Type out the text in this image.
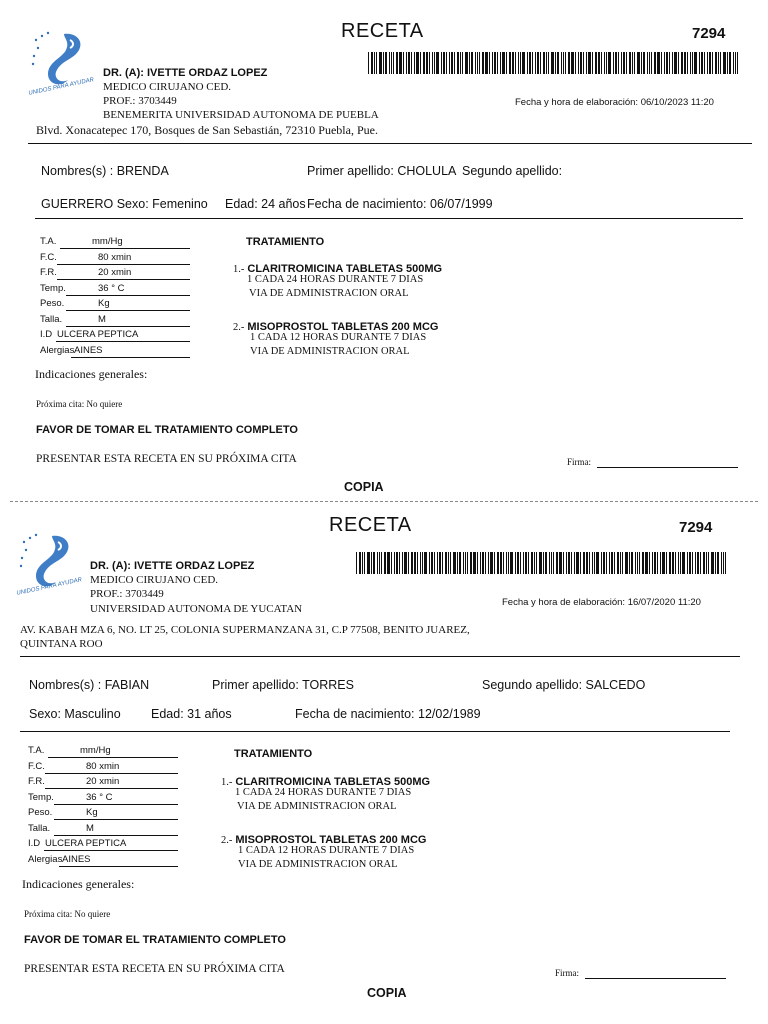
UNIDOS PARA AYUDAR
RECETA	7294
DR. (A): IVETTE ORDAZ LOPEZ
MEDICO CIRUJANO CED.
PROF.: 3703449
BENEMERITA UNIVERSIDAD AUTONOMA DE PUEBLA
Fecha y hora de elaboración: 06/10/2023 11:20
Blvd. Xonacatepec 170, Bosques de San Sebastián, 72310 Puebla, Pue.
Nombres(s) : BRENDA	Primer apellido: CHOLULA Segundo apellido:
GUERRERO Sexo: Femenino Edad: 24 años Fecha de nacimiento: 06/07/1999
T.A.	mm/Hg
F.C.	80 xmin
F.R.	20 xmin
Temp.	36 ° C
Peso.	Kg
Talla.	M
I.D ULCERA PEPTICA
Alergias AINES
TRATAMIENTO
1.- CLARITROMICINA TABLETAS 500MG
1 CADA 24 HORAS DURANTE 7 DIAS
VIA DE ADMINISTRACION ORAL
2.- MISOPROSTOL TABLETAS 200 MCG
1 CADA 12 HORAS DURANTE 7 DIAS
VIA DE ADMINISTRACION ORAL
Indicaciones generales:
Próxima cita: No quiere
FAVOR DE TOMAR EL TRATAMIENTO COMPLETO
PRESENTAR ESTA RECETA EN SU PRÓXIMA CITA	Firma:
COPIA
UNIDOS PARA AYUDAR
RECETA	7294
DR. (A): IVETTE ORDAZ LOPEZ
MEDICO CIRUJANO CED.
PROF.: 3703449
UNIVERSIDAD AUTONOMA DE YUCATAN
Fecha y hora de elaboración: 16/07/2020 11:20
AV. KABAH MZA 6, NO. LT 25, COLONIA SUPERMANZANA 31, C.P 77508, BENITO JUAREZ,
QUINTANA ROO
Nombres(s) : FABIAN	Primer apellido: TORRES	Segundo apellido: SALCEDO
Sexo: Masculino Edad: 31 años	Fecha de nacimiento: 12/02/1989
T.A.	mm/Hg
F.C.	80 xmin
F.R.	20 xmin
Temp.	36 ° C
Peso.	Kg
Talla.	M
I.D ULCERA PEPTICA
Alergias AINES
TRATAMIENTO
1.- CLARITROMICINA TABLETAS 500MG
1 CADA 24 HORAS DURANTE 7 DIAS
VIA DE ADMINISTRACION ORAL
2.- MISOPROSTOL TABLETAS 200 MCG
1 CADA 12 HORAS DURANTE 7 DIAS
VIA DE ADMINISTRACION ORAL
Indicaciones generales:
Próxima cita: No quiere
FAVOR DE TOMAR EL TRATAMIENTO COMPLETO
PRESENTAR ESTA RECETA EN SU PRÓXIMA CITA	Firma:
COPIA
